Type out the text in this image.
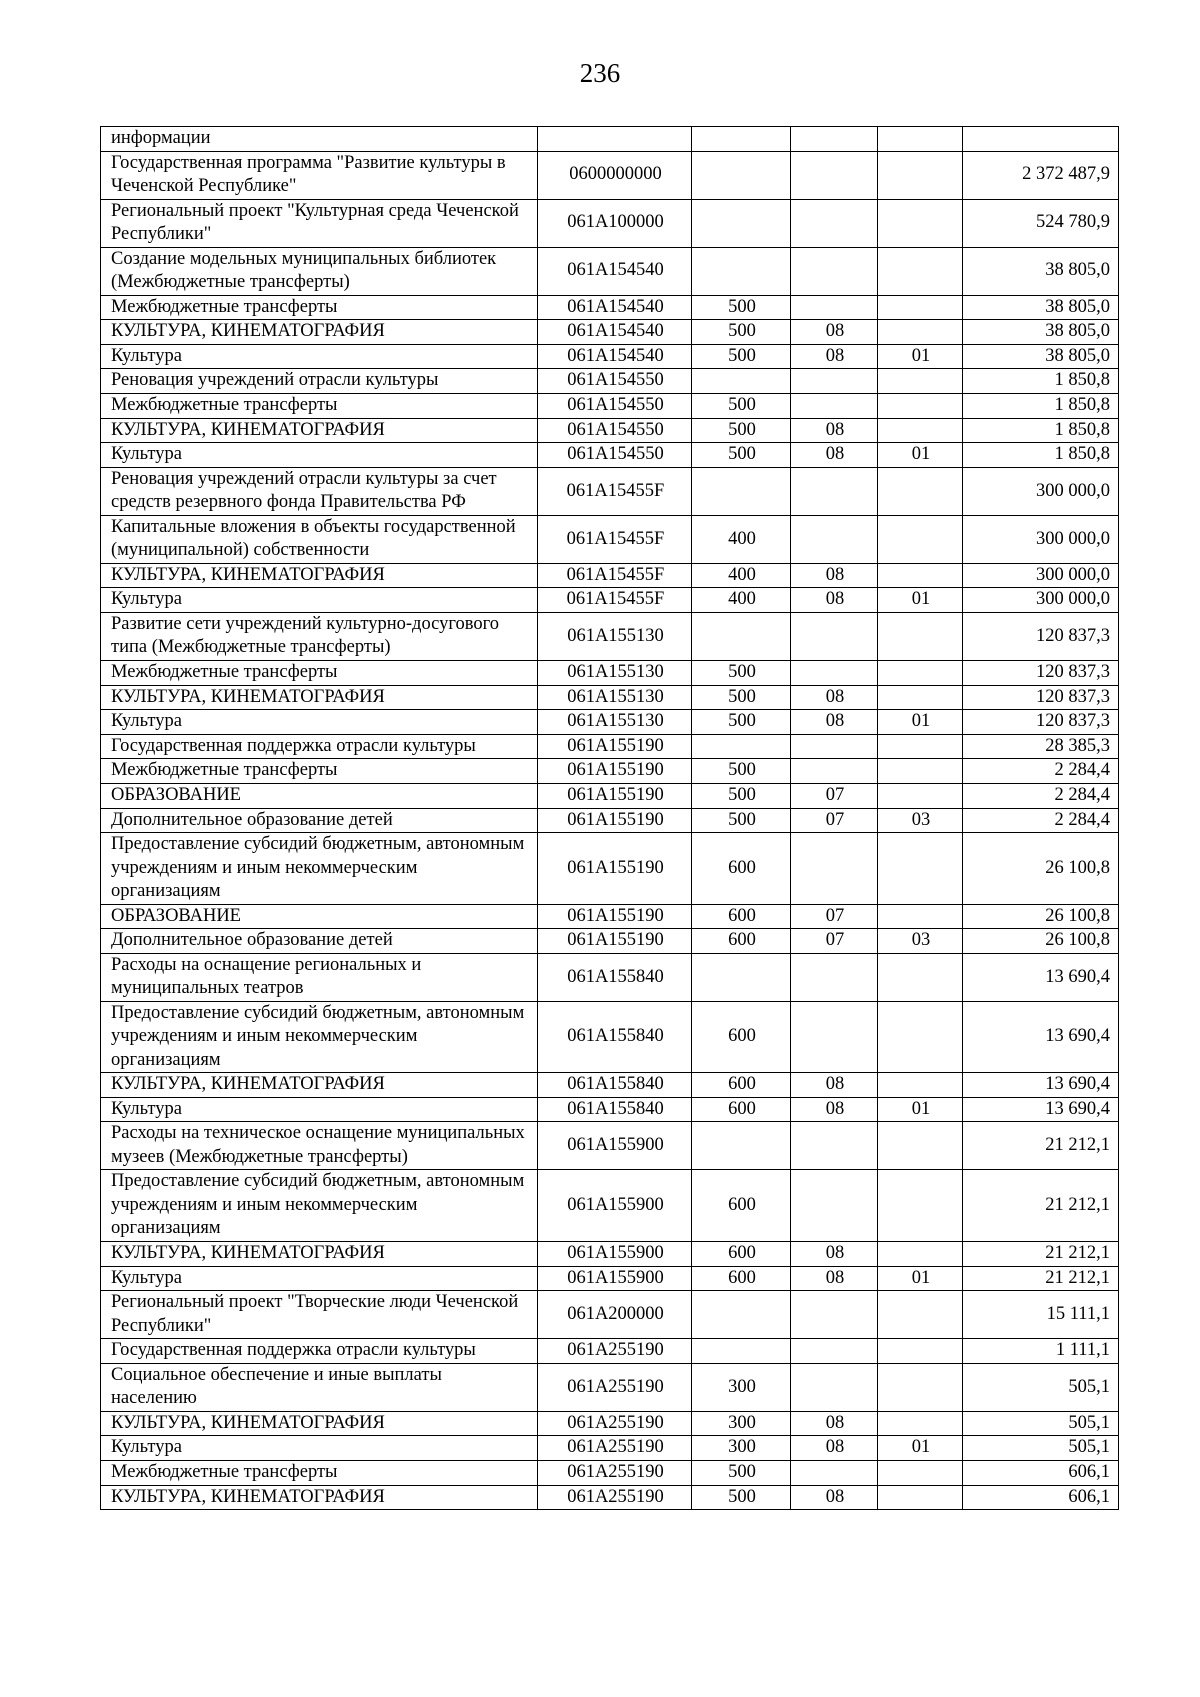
236
информации					
Государственная программа "Развитие культуры в Чеченской Республике"	0600000000				2 372 487,9
Региональный проект "Культурная среда Чеченской Республики"	061A100000				524 780,9
Создание модельных муниципальных библиотек (Межбюджетные трансферты)	061A154540				38 805,0
Межбюджетные трансферты	061A154540	500			38 805,0
КУЛЬТУРА, КИНЕМАТОГРАФИЯ	061A154540	500	08		38 805,0
Культура	061A154540	500	08	01	38 805,0
Реновация учреждений отрасли культуры	061A154550				1 850,8
Межбюджетные трансферты	061A154550	500			1 850,8
КУЛЬТУРА, КИНЕМАТОГРАФИЯ	061A154550	500	08		1 850,8
Культура	061A154550	500	08	01	1 850,8
Реновация учреждений отрасли культуры за счет средств резервного фонда Правительства РФ	061A15455F				300 000,0
Капитальные вложения в объекты государственной (муниципальной) собственности	061A15455F	400			300 000,0
КУЛЬТУРА, КИНЕМАТОГРАФИЯ	061A15455F	400	08		300 000,0
Культура	061A15455F	400	08	01	300 000,0
Развитие сети учреждений культурно-досугового типа (Межбюджетные трансферты)	061A155130				120 837,3
Межбюджетные трансферты	061A155130	500			120 837,3
КУЛЬТУРА, КИНЕМАТОГРАФИЯ	061A155130	500	08		120 837,3
Культура	061A155130	500	08	01	120 837,3
Государственная поддержка отрасли культуры	061A155190				28 385,3
Межбюджетные трансферты	061A155190	500			2 284,4
ОБРАЗОВАНИЕ	061A155190	500	07		2 284,4
Дополнительное образование детей	061A155190	500	07	03	2 284,4
Предоставление субсидий бюджетным, автономным учреждениям и иным некоммерческим организациям	061A155190	600			26 100,8
ОБРАЗОВАНИЕ	061A155190	600	07		26 100,8
Дополнительное образование детей	061A155190	600	07	03	26 100,8
Расходы на оснащение региональных и муниципальных театров	061A155840				13 690,4
Предоставление субсидий бюджетным, автономным учреждениям и иным некоммерческим организациям	061A155840	600			13 690,4
КУЛЬТУРА, КИНЕМАТОГРАФИЯ	061A155840	600	08		13 690,4
Культура	061A155840	600	08	01	13 690,4
Расходы на техническое оснащение муниципальных музеев (Межбюджетные трансферты)	061A155900				21 212,1
Предоставление субсидий бюджетным, автономным учреждениям и иным некоммерческим организациям	061A155900	600			21 212,1
КУЛЬТУРА, КИНЕМАТОГРАФИЯ	061A155900	600	08		21 212,1
Культура	061A155900	600	08	01	21 212,1
Региональный проект "Творческие люди Чеченской Республики"	061A200000				15 111,1
Государственная поддержка отрасли культуры	061A255190				1 111,1
Социальное обеспечение и иные выплаты населению	061A255190	300			505,1
КУЛЬТУРА, КИНЕМАТОГРАФИЯ	061A255190	300	08		505,1
Культура	061A255190	300	08	01	505,1
Межбюджетные трансферты	061A255190	500			606,1
КУЛЬТУРА, КИНЕМАТОГРАФИЯ	061A255190	500	08		606,1
